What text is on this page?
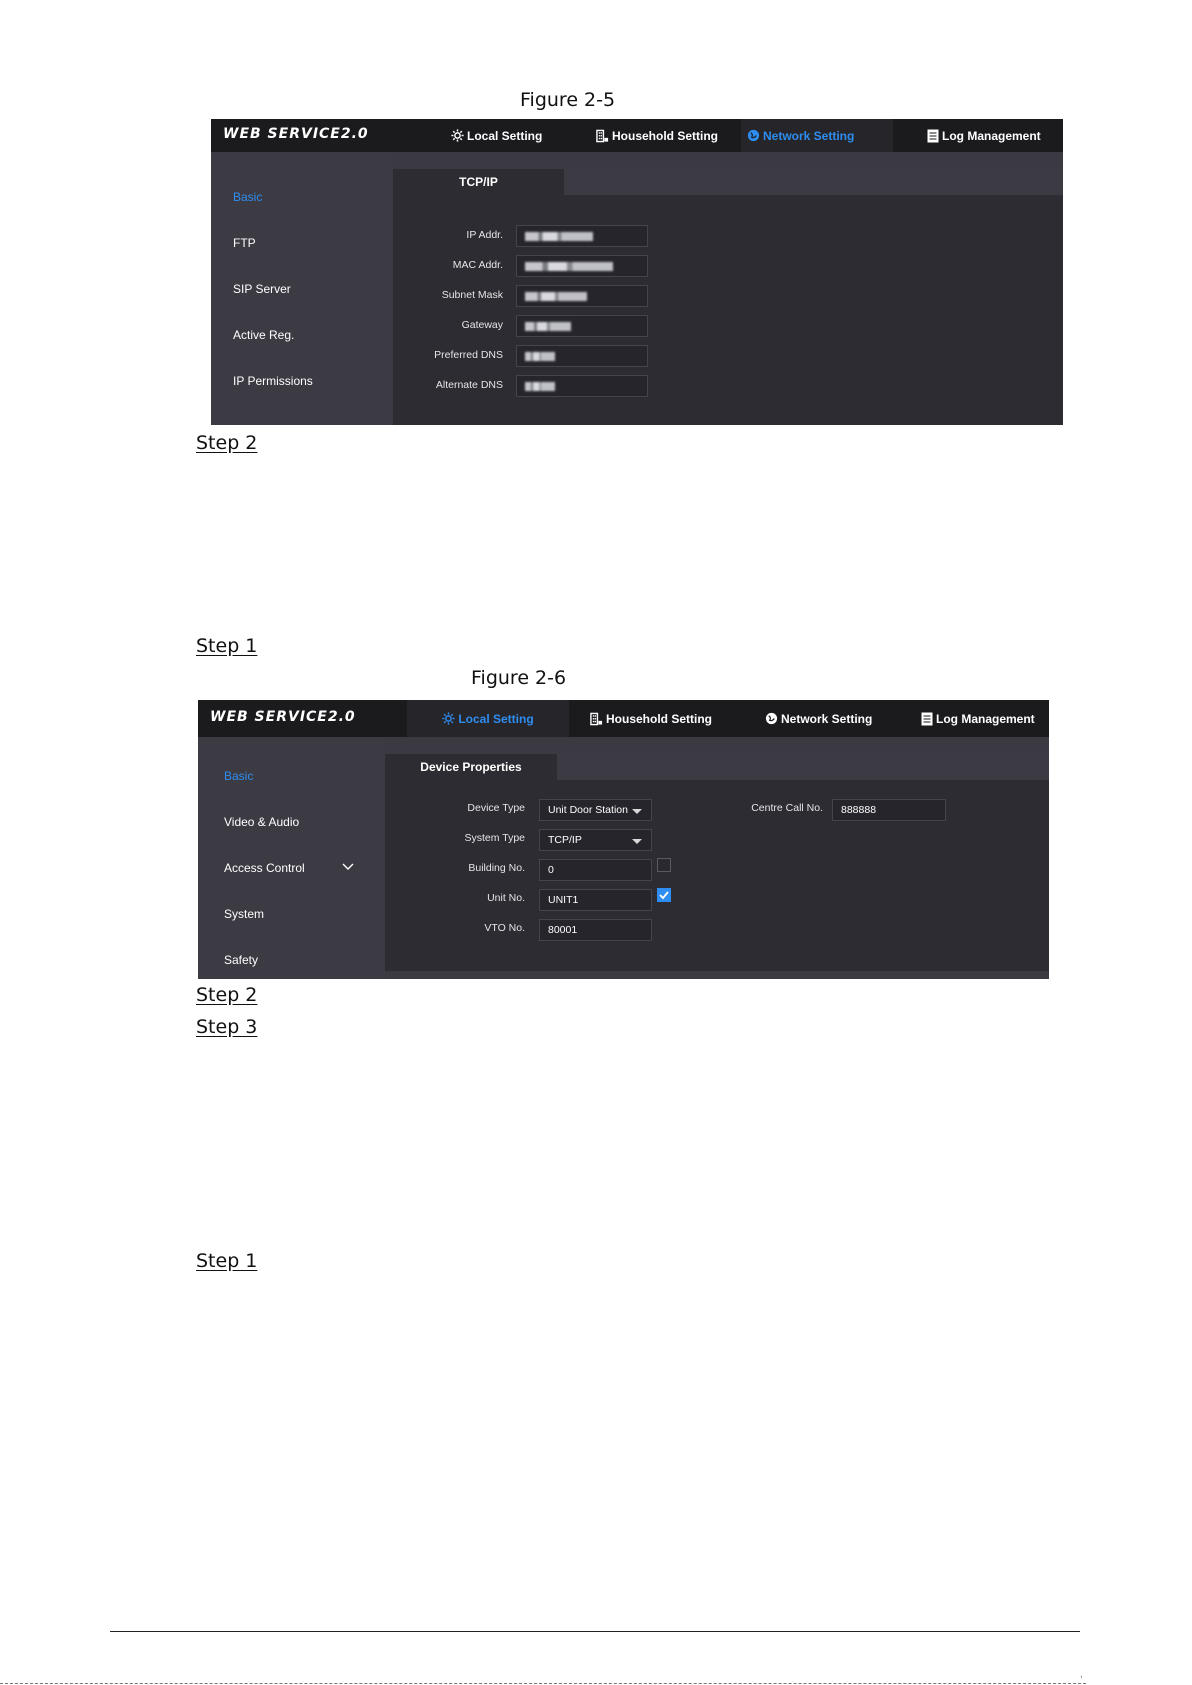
Figure 2-5
WEB SERVICE2.0	Local Setting	Household Setting	Network Setting	Log Management
Basic
FTP
SIP Server
Active Reg.
IP Permissions
TCP/IP
IP Addr.
MAC Addr.
Subnet Mask
Gateway
Preferred DNS
Alternate DNS
Step 2
Step 1
Figure 2-6
WEB SERVICE2.0	Local Setting	Household Setting	Network Setting	Log Management
Basic
Video & Audio
Access Control
System
Safety
Device Properties
Device Type Unit Door Station
System Type TCP/IP
Building No. 0
Unit No. UNIT1
VTO No. 80001
Centre Call No. 888888
Step 2
Step 3
Step 1
,
